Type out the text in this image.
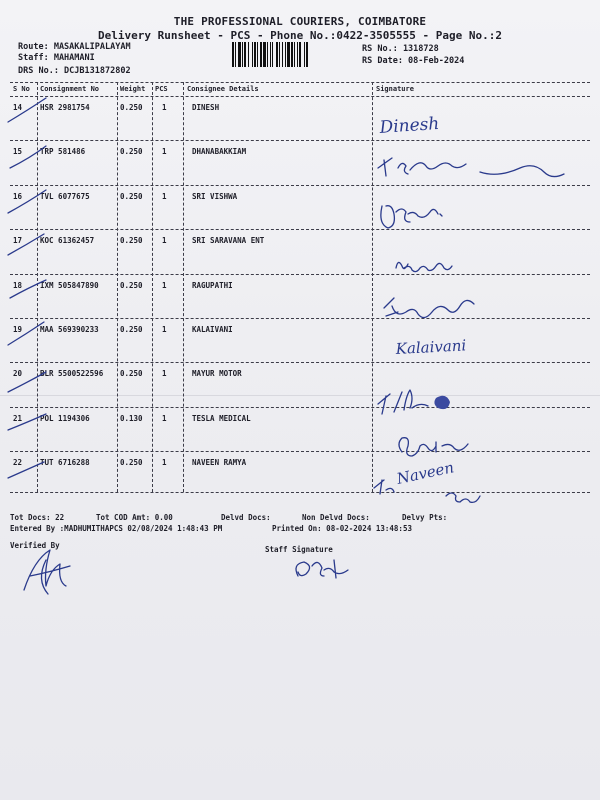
THE PROFESSIONAL COURIERS, COIMBATORE
Delivery Runsheet - PCS - Phone No.:0422-3505555 - Page No.:2
Route: MASAKALIPALAYAM
Staff: MAHAMANI
DRS No.: DCJB131872802
RS No.: 1318728
RS Date: 08-Feb-2024
S No Consignment No	Weight PCS	Consignee Details	Signature
14 HSR 2981754	0.250	1	DINESH
15 TRP 581486	0.250	1	DHANABAKKIAM
16 TVL 6077675	0.250	1	SRI VISHWA
17 KOC 61362457	0.250	1	SRI SARAVANA ENT
18 IXM 505847890	0.250	1	RAGUPATHI
19 MAA 569390233	0.250	1	KALAIVANI
20 BLR 5500522596 0.250	1	MAYUR MOTOR
21 POL 1194306	0.130	1	TESLA MEDICAL
22 TUT 6716288	0.250	1	NAVEEN RAMYA
Tot Docs: 22	Tot COD Amt: 0.00	Delvd Docs:	Non Delvd Docs:	Delvy Pts:
Entered By :MADHUMITHAPCS 02/08/2024 1:48:43 PM	Printed On: 08-02-2024 13:48:53
Verified By	Staff Signature
Dinesh
Kalaivani
Naveen
